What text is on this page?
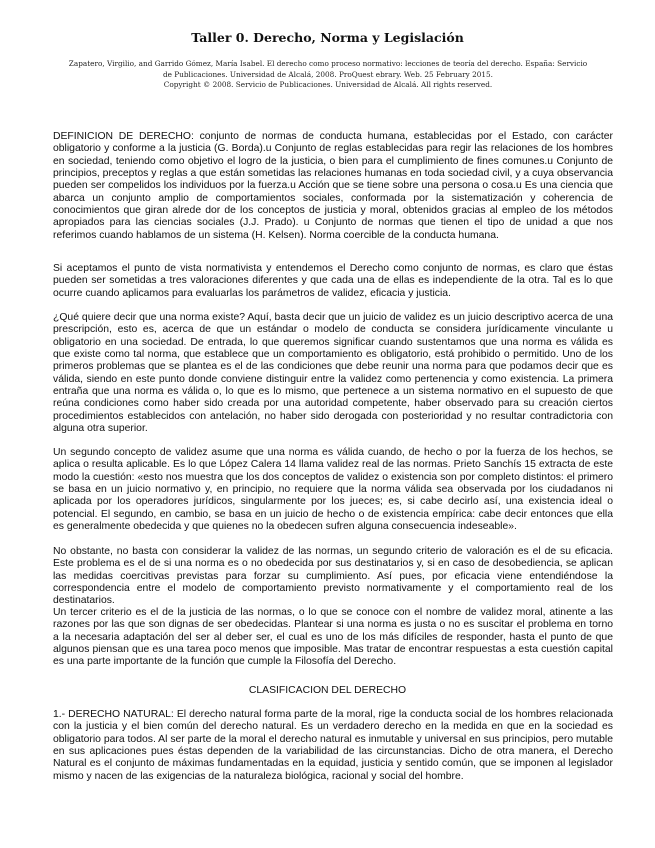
Taller 0. Derecho, Norma y Legislación
Zapatero, Virgilio, and Garrido Gómez, María Isabel. El derecho como proceso normativo: lecciones de teoría del derecho. España: Servicio de Publicaciones. Universidad de Alcalá, 2008. ProQuest ebrary. Web. 25 February 2015.
Copyright © 2008. Servicio de Publicaciones. Universidad de Alcalá. All rights reserved.
DEFINICION DE DERECHO: conjunto de normas de conducta humana, establecidas por el Estado, con carácter obligatorio y conforme a la justicia (G. Borda).u Conjunto de reglas establecidas para regir las relaciones de los hombres en sociedad, teniendo como objetivo el logro de la justicia, o bien para el cumplimiento de fines comunes.u Conjunto de principios, preceptos y reglas a que están sometidas las relaciones humanas en toda sociedad civil, y a cuya observancia pueden ser compelidos los individuos por la fuerza.u Acción que se tiene sobre una persona o cosa.u Es una ciencia que abarca un conjunto amplio de comportamientos sociales, conformada por la sistematización y coherencia de conocimientos que giran alrede dor de los conceptos de justicia y moral, obtenidos gracias al empleo de los métodos apropiados para las ciencias sociales (J.J. Prado). u Conjunto de normas que tienen el tipo de unidad a que nos referimos cuando hablamos de un sistema (H. Kelsen). Norma coercible de la conducta humana.
Si aceptamos el punto de vista normativista y entendemos el Derecho como conjunto de normas, es claro que éstas pueden ser sometidas a tres valoraciones diferentes y que cada una de ellas es independiente de la otra. Tal es lo que ocurre cuando aplicamos para evaluarlas los parámetros de validez, eficacia y justicia.
¿Qué quiere decir que una norma existe? Aquí, basta decir que un juicio de validez es un juicio descriptivo acerca de una prescripción, esto es, acerca de que un estándar o modelo de conducta se considera jurídicamente vinculante u obligatorio en una sociedad. De entrada, lo que queremos significar cuando sustentamos que una norma es válida es que existe como tal norma, que establece que un comportamiento es obligatorio, está prohibido o permitido. Uno de los primeros problemas que se plantea es el de las condiciones que debe reunir una norma para que podamos decir que es válida, siendo en este punto donde conviene distinguir entre la validez como pertenencia y como existencia. La primera entraña que una norma es válida o, lo que es lo mismo, que pertenece a un sistema normativo en el supuesto de que reúna condiciones como haber sido creada por una autoridad competente, haber observado para su creación ciertos procedimientos establecidos con antelación, no haber sido derogada con posterioridad y no resultar contradictoria con alguna otra superior.
Un segundo concepto de validez asume que una norma es válida cuando, de hecho o por la fuerza de los hechos, se aplica o resulta aplicable. Es lo que López Calera 14 llama validez real de las normas. Prieto Sanchís 15 extracta de este modo la cuestión: «esto nos muestra que los dos conceptos de validez o existencia son por completo distintos: el primero se basa en un juicio normativo y, en principio, no requiere que la norma válida sea observada por los ciudadanos ni aplicada por los operadores jurídicos, singularmente por los jueces; es, si cabe decirlo así, una existencia ideal o potencial. El segundo, en cambio, se basa en un juicio de hecho o de existencia empírica: cabe decir entonces que ella es generalmente obedecida y que quienes no la obedecen sufren alguna consecuencia indeseable».
No obstante, no basta con considerar la validez de las normas, un segundo criterio de valoración es el de su eficacia. Este problema es el de si una norma es o no obedecida por sus destinatarios y, si en caso de desobediencia, se aplican las medidas coercitivas previstas para forzar su cumplimiento. Así pues, por eficacia viene entendiéndose la correspondencia entre el modelo de comportamiento previsto normativamente y el comportamiento real de los destinatarios.
Un tercer criterio es el de la justicia de las normas, o lo que se conoce con el nombre de validez moral, atinente a las razones por las que son dignas de ser obedecidas. Plantear si una norma es justa o no es suscitar el problema en torno a la necesaria adaptación del ser al deber ser, el cual es uno de los más difíciles de responder, hasta el punto de que algunos piensan que es una tarea poco menos que imposible. Mas tratar de encontrar respuestas a esta cuestión capital es una parte importante de la función que cumple la Filosofía del Derecho.
CLASIFICACION DEL DERECHO
1.- DERECHO NATURAL: El derecho natural forma parte de la moral, rige la conducta social de los hombres relacionada con la justicia y el bien común del derecho natural. Es un verdadero derecho en la medida en que en la sociedad es obligatorio para todos. Al ser parte de la moral el derecho natural es inmutable y universal en sus principios, pero mutable en sus aplicaciones pues éstas dependen de la variabilidad de las circunstancias. Dicho de otra manera, el Derecho Natural es el conjunto de máximas fundamentadas en la equidad, justicia y sentido común, que se imponen al legislador mismo y nacen de las exigencias de la naturaleza biológica, racional y social del hombre.
